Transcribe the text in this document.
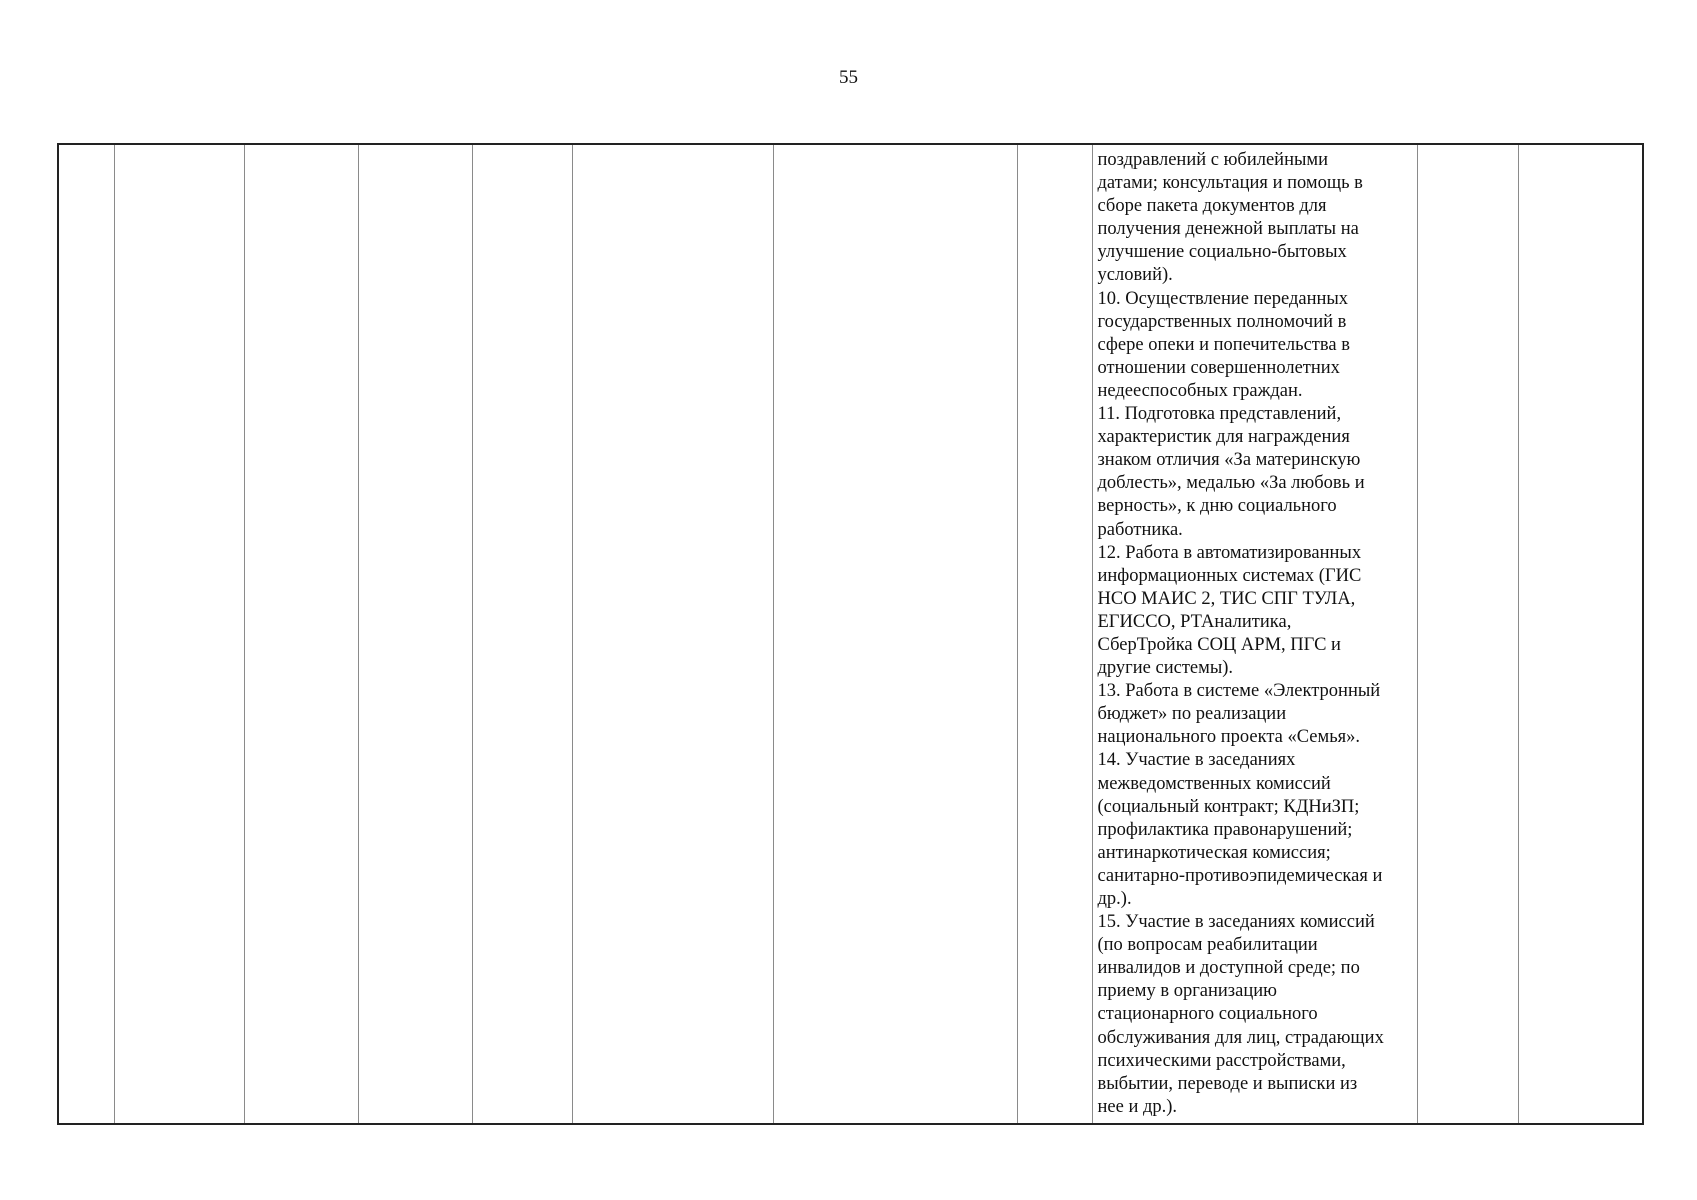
55

поздравлений с юбилейными
датами; консультация и помощь в
сборе пакета документов для
получения денежной выплаты на
улучшение социально-бытовых
условий).
10. Осуществление переданных
государственных полномочий в
сфере опеки и попечительства в
отношении совершеннолетних
недееспособных граждан.
11. Подготовка представлений,
характеристик для награждения
знаком отличия «За материнскую
доблесть», медалью «За любовь и
верность», к дню социального
работника.
12. Работа в автоматизированных
информационных системах (ГИС
НСО МАИС 2, ТИС СПГ ТУЛА,
ЕГИССО, РТАналитика,
СберТройка СОЦ АРМ, ПГС и
другие системы).
13. Работа в системе «Электронный
бюджет» по реализации
национального проекта «Семья».
14. Участие в заседаниях
межведомственных комиссий
(социальный контракт; КДНиЗП;
профилактика правонарушений;
антинаркотическая комиссия;
санитарно-противоэпидемическая и
др.).
15. Участие в заседаниях комиссий
(по вопросам реабилитации
инвалидов и доступной среде; по
приему в организацию
стационарного социального
обслуживания для лиц, страдающих
психическими расстройствами,
выбытии, переводе и выписки из
нее и др.).
